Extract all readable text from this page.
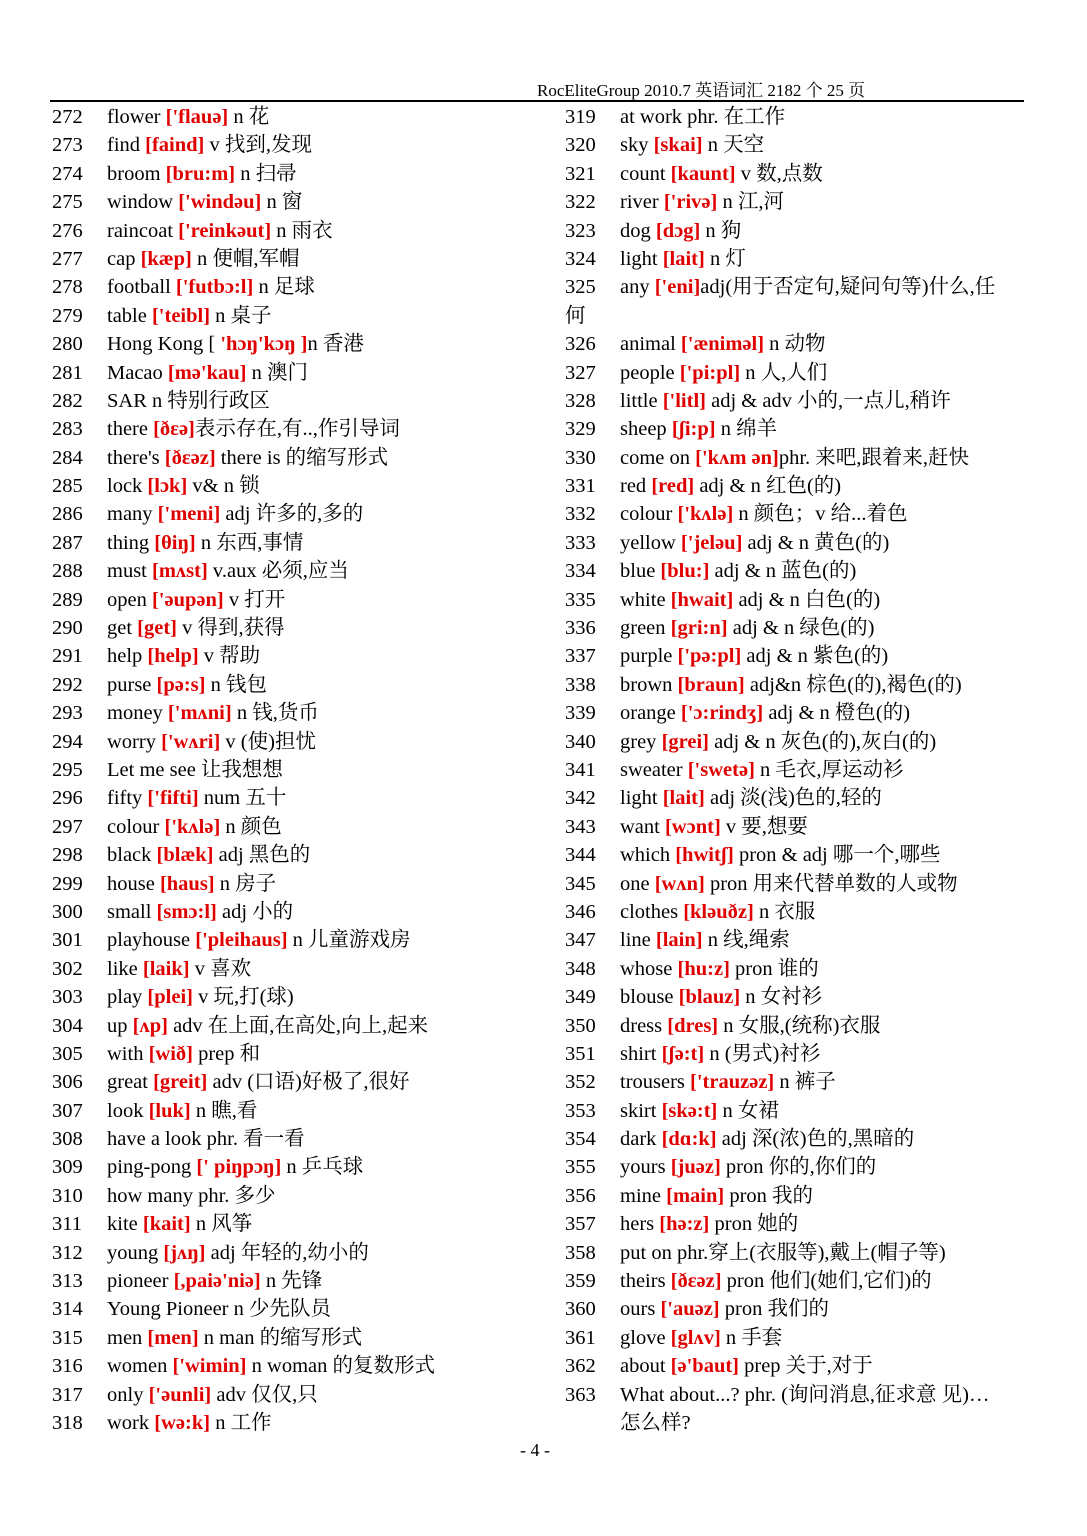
RocEliteGroup 2010.7 英语词汇 2182 个 25 页
272	flower ['flauə] n 花
273	find [faind] v 找到,发现
274	broom [bru:m] n 扫帚
275	window ['windəu] n 窗
276	raincoat ['reinkəut] n 雨衣
277	cap [kæp] n 便帽,军帽
278	football ['futbɔ:l] n 足球
279	table ['teibl] n 桌子
280	Hong Kong [ 'hɔŋ'kɔŋ ]n 香港
281	Macao [mə'kau] n 澳门
282	SAR n 特别行政区
283	there [ðεə]表示存在,有..,作引导词
284	there's [ðεəz] there is 的缩写形式
285	lock [lɔk] v& n 锁
286	many ['meni] adj 许多的,多的
287	thing [θiŋ] n 东西,事情
288	must [mʌst] v.aux 必须,应当
289	open ['əupən] v 打开
290	get [get] v 得到,获得
291	help [help] v 帮助
292	purse [pə:s] n 钱包
293	money ['mʌni] n 钱,货币
294	worry ['wʌri] v (使)担忧
295	Let me see 让我想想
296	fifty ['fifti] num 五十
297	colour ['kʌlə] n 颜色
298	black [blæk] adj 黑色的
299	house [haus] n 房子
300	small [smɔ:l] adj 小的
301	playhouse ['pleihaus] n 儿童游戏房
302	like [laik] v 喜欢
303	play [plei] v 玩,打(球)
304	up [ʌp] adv 在上面,在高处,向上,起来
305	with [wið] prep 和
306	great [greit] adv (口语)好极了,很好
307	look [luk] n 瞧,看
308	have a look phr. 看一看
309	ping-pong [' piŋpɔŋ] n 乒乓球
310	how many phr. 多少
311	kite [kait] n 风筝
312	young [jʌŋ] adj 年轻的,幼小的
313	pioneer [,paiə'niə] n 先锋
314	Young Pioneer n 少先队员
315	men [men] n man 的缩写形式
316	women ['wimin] n woman 的复数形式
317	only ['əunli] adv 仅仅,只
318	work [wə:k] n 工作
319	at work phr. 在工作
320	sky [skai] n 天空
321	count [kaunt] v 数,点数
322	river ['rivə] n 江,河
323	dog [dɔg] n 狗
324	light [lait] n 灯
325	any ['eni]adj(用于否定句,疑问句等)什么,任
何
326	animal ['æniməl] n 动物
327	people ['pi:pl] n 人,人们
328	little ['litl] adj & adv 小的,一点儿,稍许
329	sheep [ʃi:p] n 绵羊
330	come on ['kʌm ən]phr. 来吧,跟着来,赶快
331	red [red] adj & n 红色(的)
332	colour ['kʌlə] n 颜色；v 给...着色
333	yellow ['jeləu] adj & n 黄色(的)
334	blue [blu:] adj & n 蓝色(的)
335	white [hwait] adj & n 白色(的)
336	green [gri:n] adj & n 绿色(的)
337	purple ['pə:pl] adj & n 紫色(的)
338	brown [braun] adj&n 棕色(的),褐色(的)
339	orange ['ɔ:rindʒ] adj & n 橙色(的)
340	grey [grei] adj & n 灰色(的),灰白(的)
341	sweater ['swetə] n 毛衣,厚运动衫
342	light [lait] adj 淡(浅)色的,轻的
343	want [wɔnt] v 要,想要
344	which [hwitʃ] pron & adj 哪一个,哪些
345	one [wʌn] pron 用来代替单数的人或物
346	clothes [kləuðz] n 衣服
347	line [lain] n 线,绳索
348	whose [hu:z] pron 谁的
349	blouse [blauz] n 女衬衫
350	dress [dres] n 女服,(统称)衣服
351	shirt [ʃə:t] n (男式)衬衫
352	trousers ['trauzəz] n 裤子
353	skirt [skə:t] n 女裙
354	dark [dɑ:k] adj 深(浓)色的,黑暗的
355	yours [juəz] pron 你的,你们的
356	mine [main] pron 我的
357	hers [hə:z] pron 她的
358	put on phr.穿上(衣服等),戴上(帽子等)
359	theirs [ðεəz] pron 他们(她们,它们)的
360	ours ['auəz] pron 我们的
361	glove [glʌv] n 手套
362	about [ə'baut] prep 关于,对于
363	What about...? phr. (询问消息,征求意 见)…
怎么样?
- 4 -
